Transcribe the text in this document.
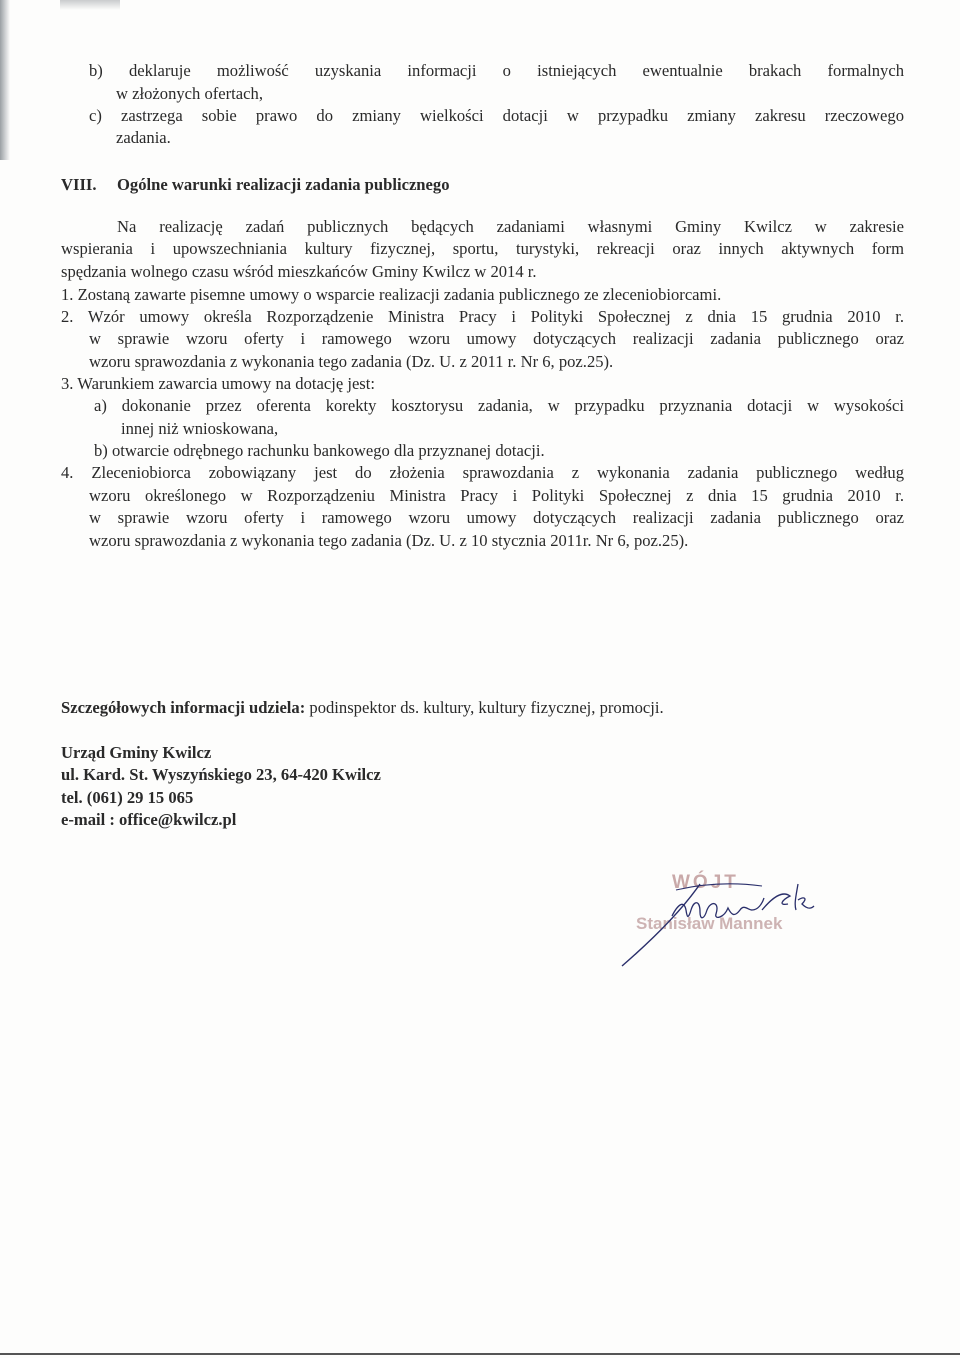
b) deklaruje możliwość uzyskania informacji o istniejących ewentualnie brakach formalnych
w złożonych ofertach,
c) zastrzega sobie prawo do zmiany wielkości dotacji w przypadku zmiany zakresu rzeczowego
zadania.
VIII. Ogólne warunki realizacji zadania publicznego
Na realizację zadań publicznych będących zadaniami własnymi Gminy Kwilcz w zakresie
wspierania i upowszechniania kultury fizycznej, sportu, turystyki, rekreacji oraz innych aktywnych form
spędzania wolnego czasu wśród mieszkańców Gminy Kwilcz w 2014 r.
1. Zostaną zawarte pisemne umowy o wsparcie realizacji zadania publicznego ze zleceniobiorcami.
2. Wzór umowy określa Rozporządzenie Ministra Pracy i Polityki Społecznej z dnia 15 grudnia 2010 r.
w sprawie wzoru oferty i ramowego wzoru umowy dotyczących realizacji zadania publicznego oraz
wzoru sprawozdania z wykonania tego zadania (Dz. U. z 2011 r. Nr 6, poz.25).
3. Warunkiem zawarcia umowy na dotację jest:
a) dokonanie przez oferenta korekty kosztorysu zadania, w przypadku przyznania dotacji w wysokości
innej niż wnioskowana,
b) otwarcie odrębnego rachunku bankowego dla przyznanej dotacji.
4. Zleceniobiorca zobowiązany jest do złożenia sprawozdania z wykonania zadania publicznego według
wzoru określonego w Rozporządzeniu Ministra Pracy i Polityki Społecznej z dnia 15 grudnia 2010 r.
w sprawie wzoru oferty i ramowego wzoru umowy dotyczących realizacji zadania publicznego oraz
wzoru sprawozdania z wykonania tego zadania (Dz. U. z 10 stycznia 2011r. Nr 6, poz.25).
Szczegółowych informacji udziela: podinspektor ds. kultury, kultury fizycznej, promocji.
Urząd Gminy Kwilcz
ul. Kard. St. Wyszyńskiego 23, 64-420 Kwilcz
tel. (061) 29 15 065
e-mail : office@kwilcz.pl
WÓJT
Stanisław Mannek
